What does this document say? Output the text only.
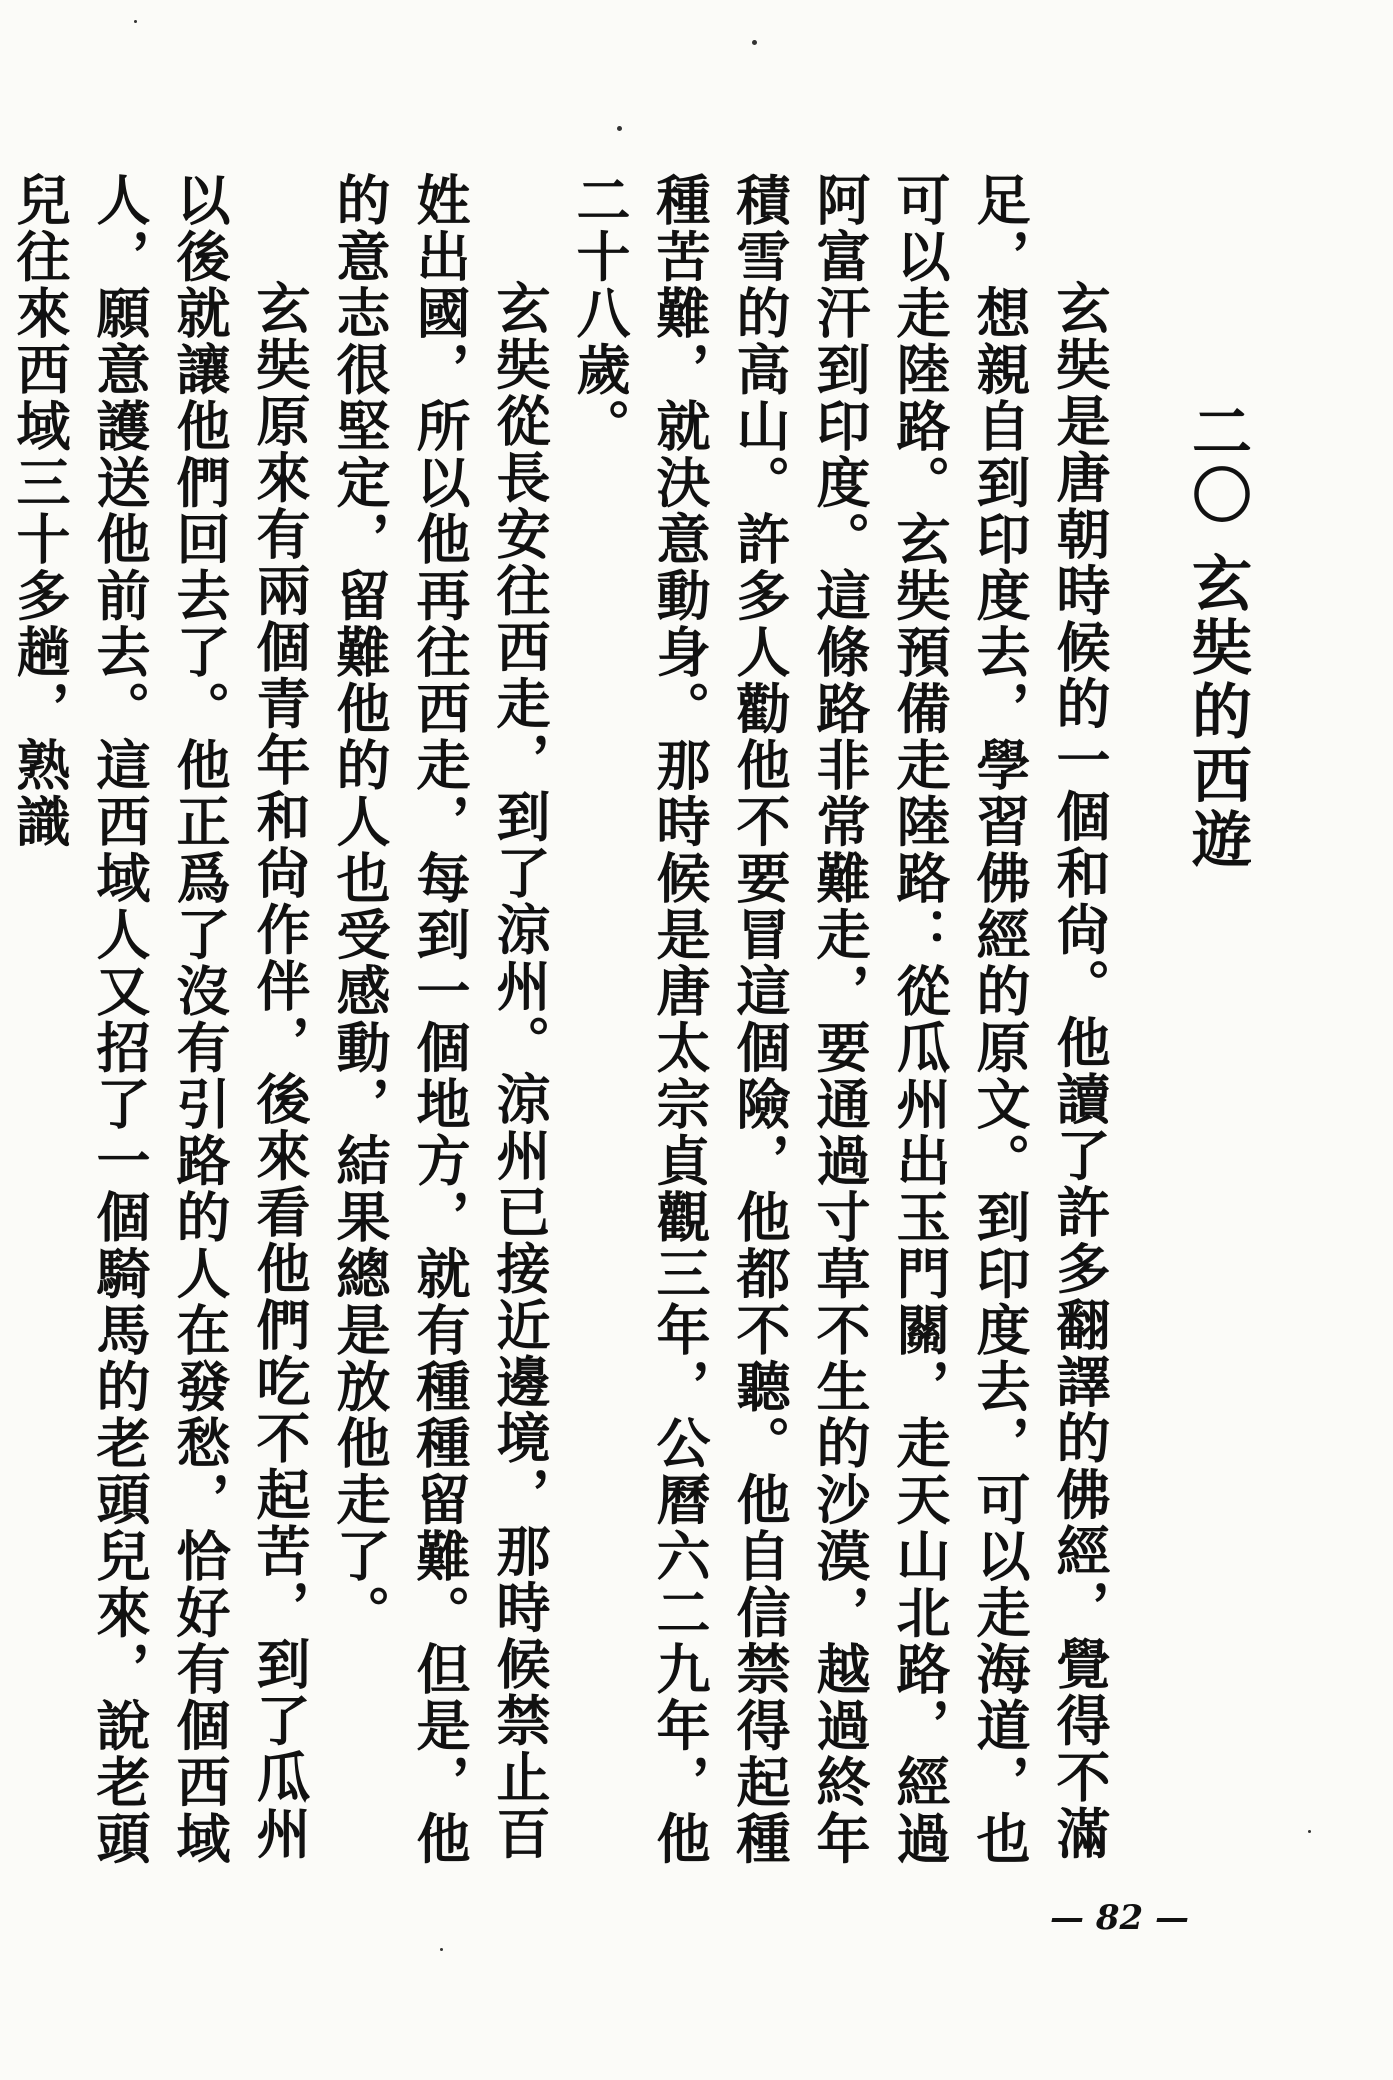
二〇玄奘的西遊

玄奘是唐朝時候的一個和尙。他讀了許多翻譯的佛經，覺得不滿足，想親自到印度去，學習佛經的原文。到印度去，可以走海道，也可以走陸路。玄奘預備走陸路：從瓜州出玉門關，走天山北路，經過阿富汗到印度。這條路非常難走，要通過寸草不生的沙漠，越過終年積雪的高山。許多人勸他不要冒這個險，他都不聽。他自信禁得起種種苦難，就決意動身。那時候是唐太宗貞觀三年，公曆六二九年，他二十八歲。

玄奘從長安往西走，到了涼州。涼州已接近邊境，那時候禁止百姓出國，所以他再往西走，每到一個地方，就有種種留難。但是，他的意志很堅定，留難他的人也受感動，結果總是放他走了。

玄奘原來有兩個青年和尙作伴，後來看他們吃不起苦，到了瓜州以後就讓他們回去了。他正爲了沒有引路的人在發愁，恰好有個西域人，願意護送他前去。這西域人又招了一個騎馬的老頭兒來，說老頭兒往來西域三十多趟，熟識

— 82 —
